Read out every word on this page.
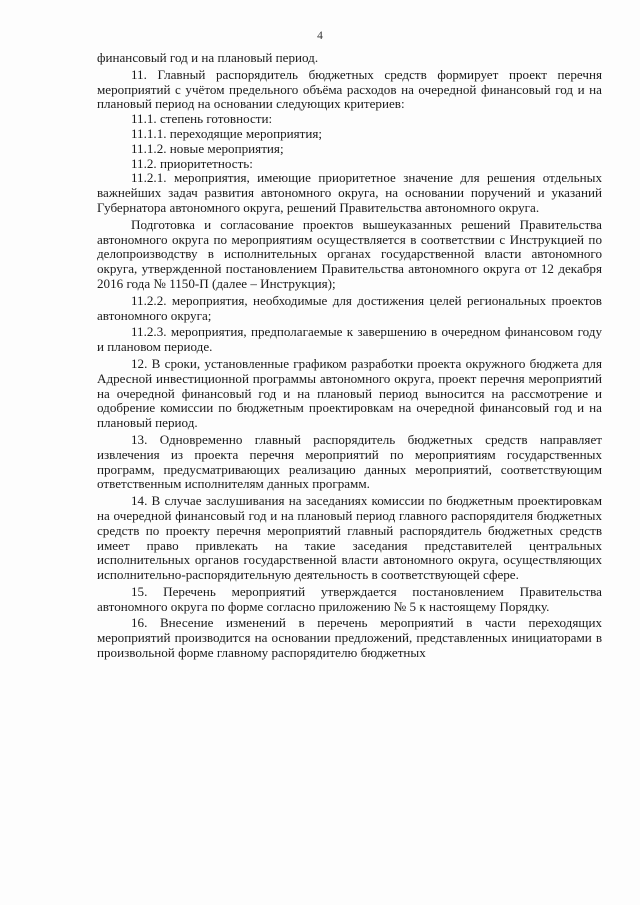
4

финансовый год и на плановый период.

11. Главный распорядитель бюджетных средств формирует проект перечня мероприятий с учётом предельного объёма расходов на очередной финансовый год и на плановый период на основании следующих критериев:

11.1. степень готовности:

11.1.1. переходящие мероприятия;

11.1.2. новые мероприятия;

11.2. приоритетность:

11.2.1. мероприятия, имеющие приоритетное значение для решения отдельных важнейших задач развития автономного округа, на основании поручений и указаний Губернатора автономного округа, решений Правительства автономного округа.

Подготовка и согласование проектов вышеуказанных решений Правительства автономного округа по мероприятиям осуществляется в соответствии с Инструкцией по делопроизводству в исполнительных органах государственной власти автономного округа, утвержденной постановлением Правительства автономного округа от 12 декабря 2016 года № 1150-П (далее – Инструкция);

11.2.2. мероприятия, необходимые для достижения целей региональных проектов автономного округа;

11.2.3. мероприятия, предполагаемые к завершению в очередном финансовом году и плановом периоде.

12. В сроки, установленные графиком разработки проекта окружного бюджета для Адресной инвестиционной программы автономного округа, проект перечня мероприятий на очередной финансовый год и на плановый период выносится на рассмотрение и одобрение комиссии по бюджетным проектировкам на очередной финансовый год и на плановый период.

13. Одновременно главный распорядитель бюджетных средств направляет извлечения из проекта перечня мероприятий по мероприятиям государственных программ, предусматривающих реализацию данных мероприятий, соответствующим ответственным исполнителям данных программ.

14. В случае заслушивания на заседаниях комиссии по бюджетным проектировкам на очередной финансовый год и на плановый период главного распорядителя бюджетных средств по проекту перечня мероприятий главный распорядитель бюджетных средств имеет право привлекать на такие заседания представителей центральных исполнительных органов государственной власти автономного округа, осуществляющих исполнительно-распорядительную деятельность в соответствующей сфере.

15. Перечень мероприятий утверждается постановлением Правительства автономного округа по форме согласно приложению № 5 к настоящему Порядку.

16. Внесение изменений в перечень мероприятий в части переходящих мероприятий производится на основании предложений, представленных инициаторами в произвольной форме главному распорядителю бюджетных
